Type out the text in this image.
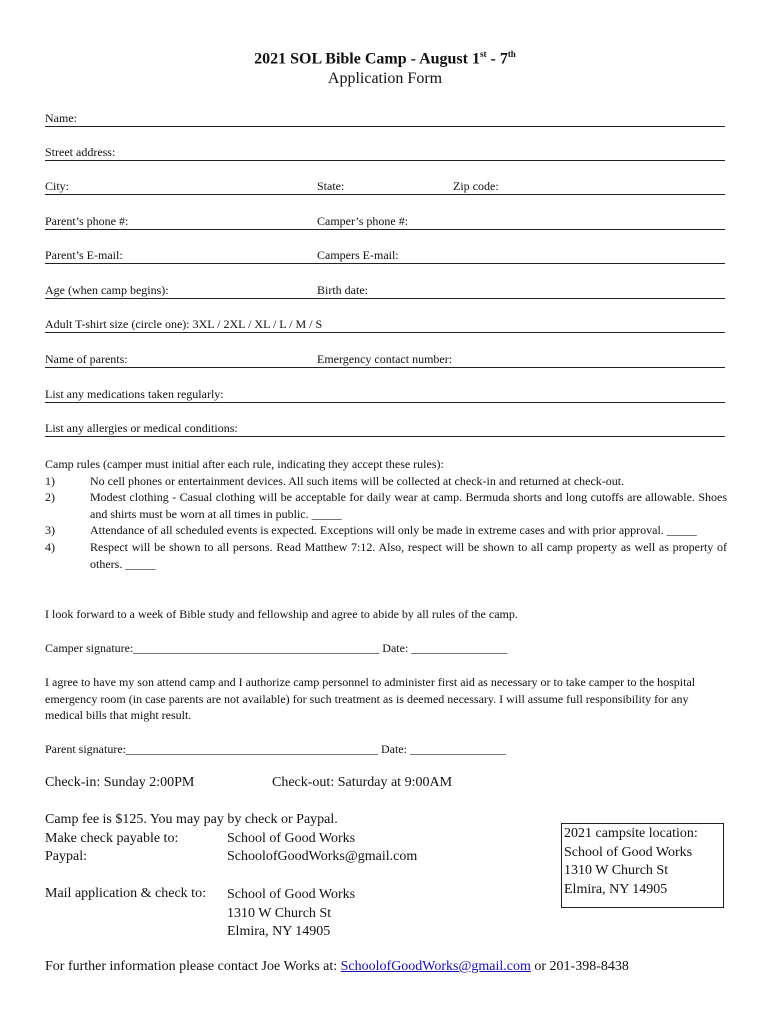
2021 SOL Bible Camp - August 1st - 7th
Application Form
Name:
Street address:
City:	State:	Zip code:
Parent’s phone #:	Camper’s phone #:
Parent’s E-mail:	Campers E-mail:
Age (when camp begins):	Birth date:
Adult T-shirt size (circle one): 3XL / 2XL / XL / L / M / S
Name of parents:	Emergency contact number:
List any medications taken regularly:
List any allergies or medical conditions:
Camp rules (camper must initial after each rule, indicating they accept these rules):
1)	No cell phones or entertainment devices. All such items will be collected at check-in and returned at check-out.
2)	Modest clothing - Casual clothing will be acceptable for daily wear at camp. Bermuda shorts and long cutoffs are allowable. Shoes and shirts must be worn at all times in public. _____
3)	Attendance of all scheduled events is expected. Exceptions will only be made in extreme cases and with prior approval. _____
4)	Respect will be shown to all persons. Read Matthew 7:12. Also, respect will be shown to all camp property as well as property of others. _____
I look forward to a week of Bible study and fellowship and agree to abide by all rules of the camp.
Camper signature:_________________________________________ Date: ________________
I agree to have my son attend camp and I authorize camp personnel to administer first aid as necessary or to take camper to the hospital emergency room (in case parents are not available) for such treatment as is deemed necessary. I will assume full responsibility for any medical bills that might result.
Parent signature:__________________________________________ Date: ________________
Check-in: Sunday 2:00PM	Check-out: Saturday at 9:00AM
Camp fee is $125. You may pay by check or Paypal.
Make check payable to:	School of Good Works
Paypal:	SchoolofGoodWorks@gmail.com
Mail application & check to: School of Good Works
1310 W Church St
Elmira, NY 14905
2021 campsite location:
School of Good Works
1310 W Church St
Elmira, NY 14905
For further information please contact Joe Works at: SchoolofGoodWorks@gmail.com or 201-398-8438
